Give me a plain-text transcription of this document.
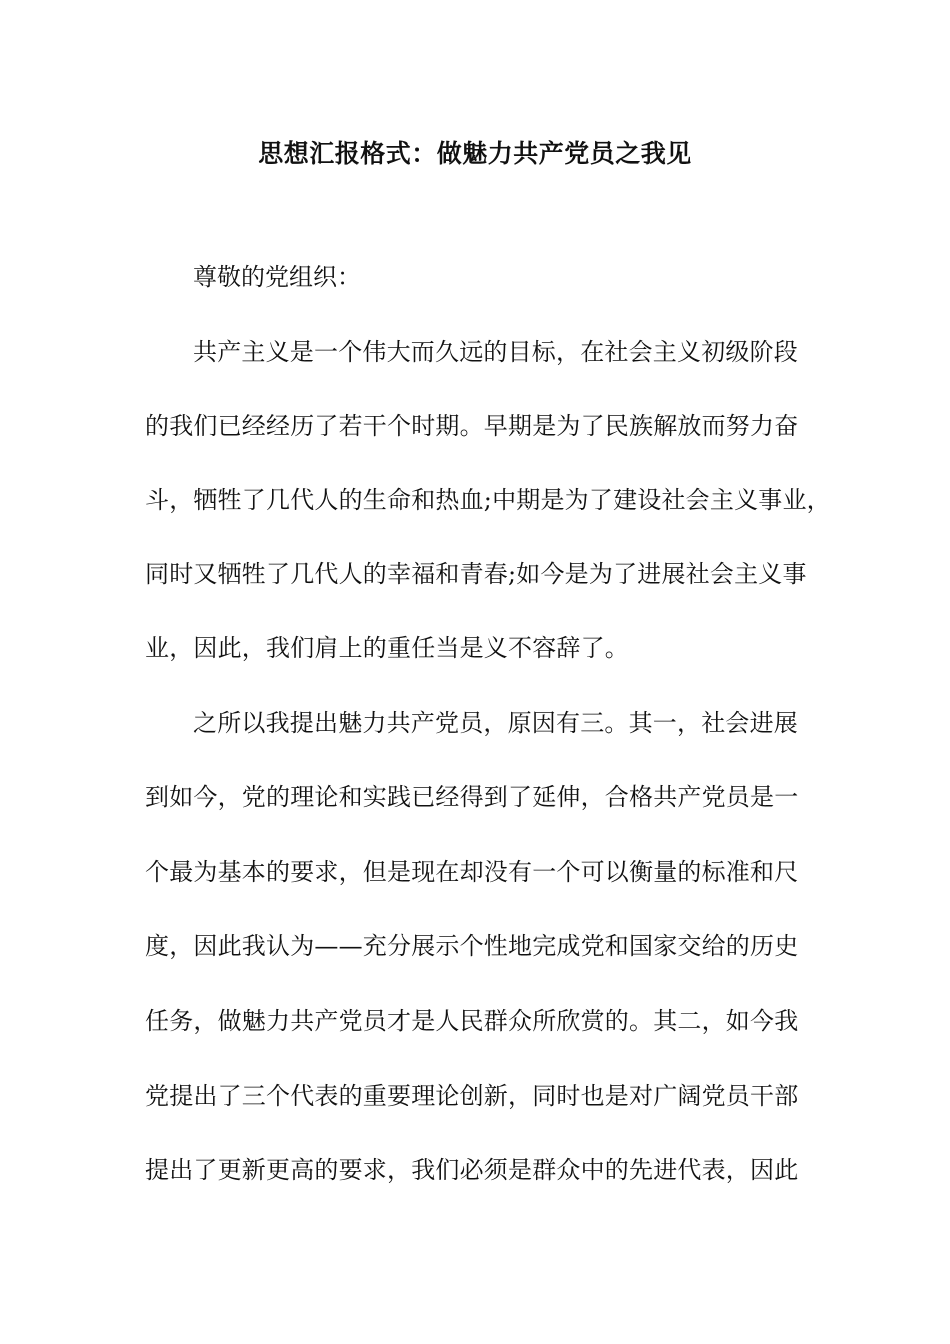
思想汇报格式：做魅力共产党员之我见
尊敬的党组织：
共产主义是一个伟大而久远的目标，在社会主义初级阶段
的我们已经经历了若干个时期。早期是为了民族解放而努力奋
斗，牺牲了几代人的生命和热血;中期是为了建设社会主义事业，
同时又牺牲了几代人的幸福和青春;如今是为了进展社会主义事
业，因此，我们肩上的重任当是义不容辞了。
之所以我提出魅力共产党员，原因有三。其一，社会进展
到如今，党的理论和实践已经得到了延伸，合格共产党员是一
个最为基本的要求，但是现在却没有一个可以衡量的标准和尺
度，因此我认为——充分展示个性地完成党和国家交给的历史
任务，做魅力共产党员才是人民群众所欣赏的。其二，如今我
党提出了三个代表的重要理论创新，同时也是对广阔党员干部
提出了更新更高的要求，我们必须是群众中的先进代表，因此
